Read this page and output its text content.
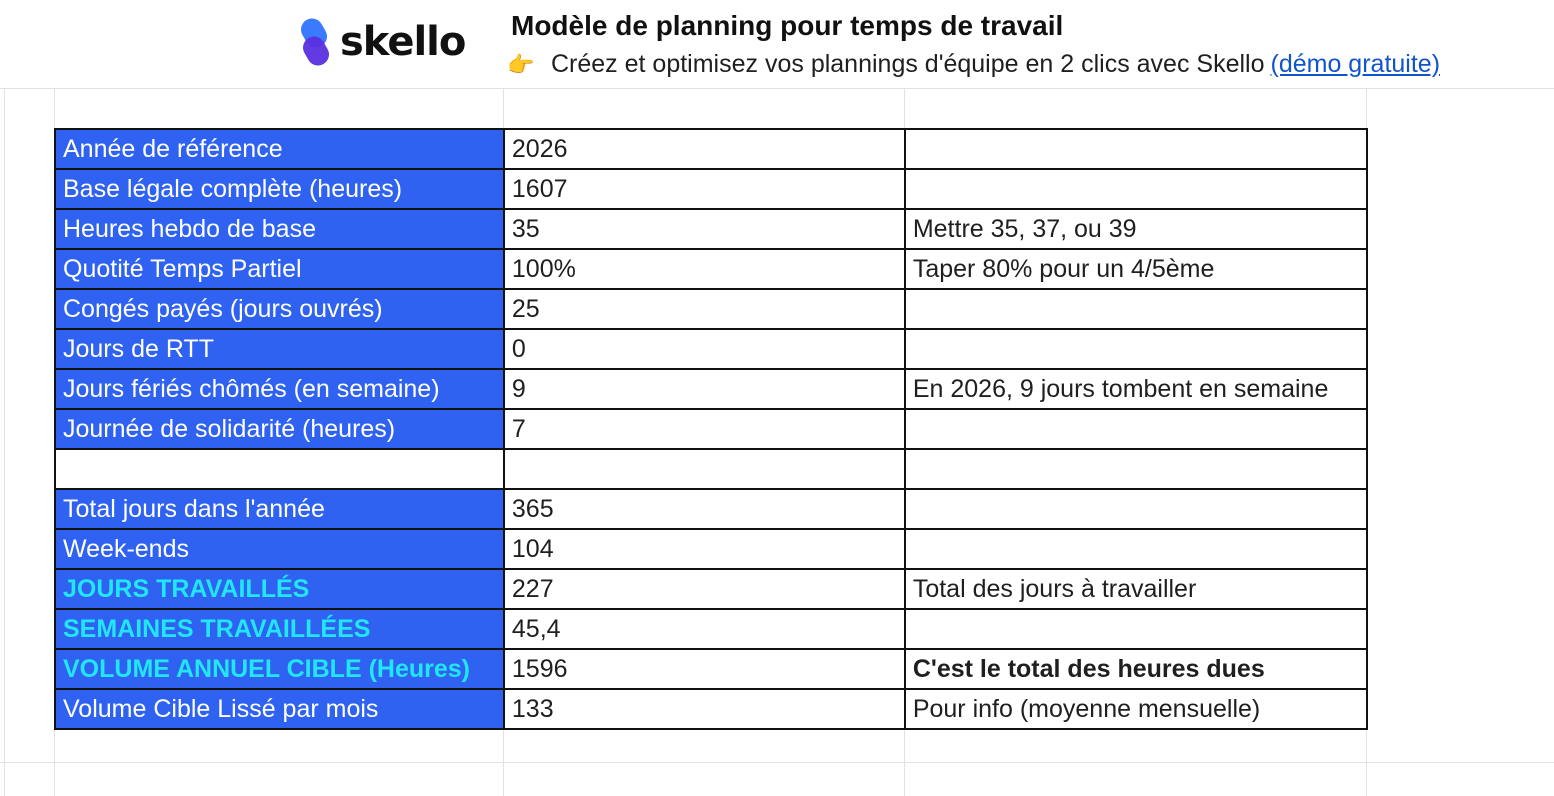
skello Modèle de planning pour temps de travail
👉 Créez et optimisez vos plannings d'équipe en 2 clics avec Skello (démo gratuite)
Année de référence	2026	
Base légale complète (heures)	1607	
Heures hebdo de base	35	Mettre 35, 37, ou 39
Quotité Temps Partiel	100%	Taper 80% pour un 4/5ème
Congés payés (jours ouvrés)	25	
Jours de RTT	0	
Jours fériés chômés (en semaine)	9	En 2026, 9 jours tombent en semaine
Journée de solidarité (heures)	7	

Total jours dans l'année	365	
Week-ends	104	
JOURS TRAVAILLÉS	227	Total des jours à travailler
SEMAINES TRAVAILLÉES	45,4	
VOLUME ANNUEL CIBLE (Heures)	1596	C'est le total des heures dues
Volume Cible Lissé par mois	133	Pour info (moyenne mensuelle)
